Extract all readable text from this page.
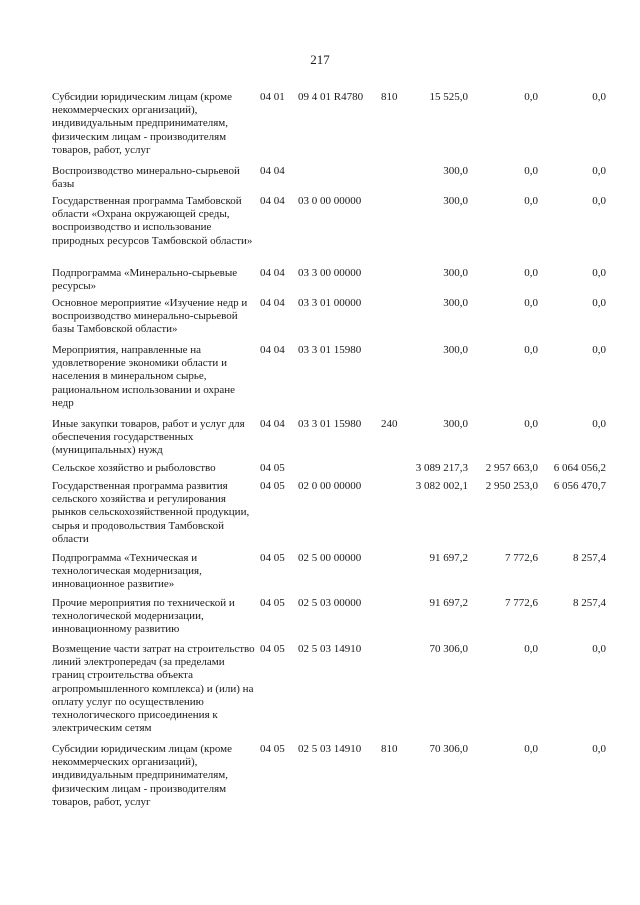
217
Субсидии юридическим лицам (кроме некоммерческих организаций), индивидуальным предпринимателям, физическим лицам - производителям товаров, работ, услуг
04 01 09 4 01 R4780 810	15 525,0	0,0	0,0
Воспроизводство минерально-сырьевой базы
04 04	300,0	0,0	0,0
Государственная программа Тамбовской области «Охрана окружающей среды, воспроизводство и использование природных ресурсов Тамбовской области»
04 04 03 0 00 00000	300,0	0,0	0,0
Подпрограмма «Минерально-сырьевые ресурсы»
04 04 03 3 00 00000	300,0	0,0	0,0
Основное мероприятие «Изучение недр и воспроизводство минерально-сырьевой базы Тамбовской области»
04 04 03 3 01 00000	300,0	0,0	0,0
Мероприятия, направленные на удовлетворение экономики области и населения в минеральном сырье, рациональном использовании и охране недр
04 04 03 3 01 15980	300,0	0,0	0,0
Иные закупки товаров, работ и услуг для обеспечения государственных (муниципальных) нужд
04 04 03 3 01 15980 240	300,0	0,0	0,0
Сельское хозяйство и рыболовство	04 05	3 089 217,3	2 957 663,0	6 064 056,2
Государственная программа развития сельского хозяйства и регулирования рынков сельскохозяйственной продукции, сырья и продовольствия Тамбовской области
04 05 02 0 00 00000	3 082 002,1	2 950 253,0	6 056 470,7
Подпрограмма «Техническая и технологическая модернизация, инновационное развитие»
04 05 02 5 00 00000	91 697,2	7 772,6	8 257,4
Прочие мероприятия по технической и технологической модернизации, инновационному развитию
04 05 02 5 03 00000	91 697,2	7 772,6	8 257,4
Возмещение части затрат на строительство линий электропередач (за пределами границ строительства объекта агропромышленного комплекса) и (или) на оплату услуг по осуществлению технологического присоединения к электрическим сетям
04 05 02 5 03 14910	70 306,0	0,0	0,0
Субсидии юридическим лицам (кроме некоммерческих организаций), индивидуальным предпринимателям, физическим лицам - производителям товаров, работ, услуг
04 05 02 5 03 14910 810	70 306,0	0,0	0,0
